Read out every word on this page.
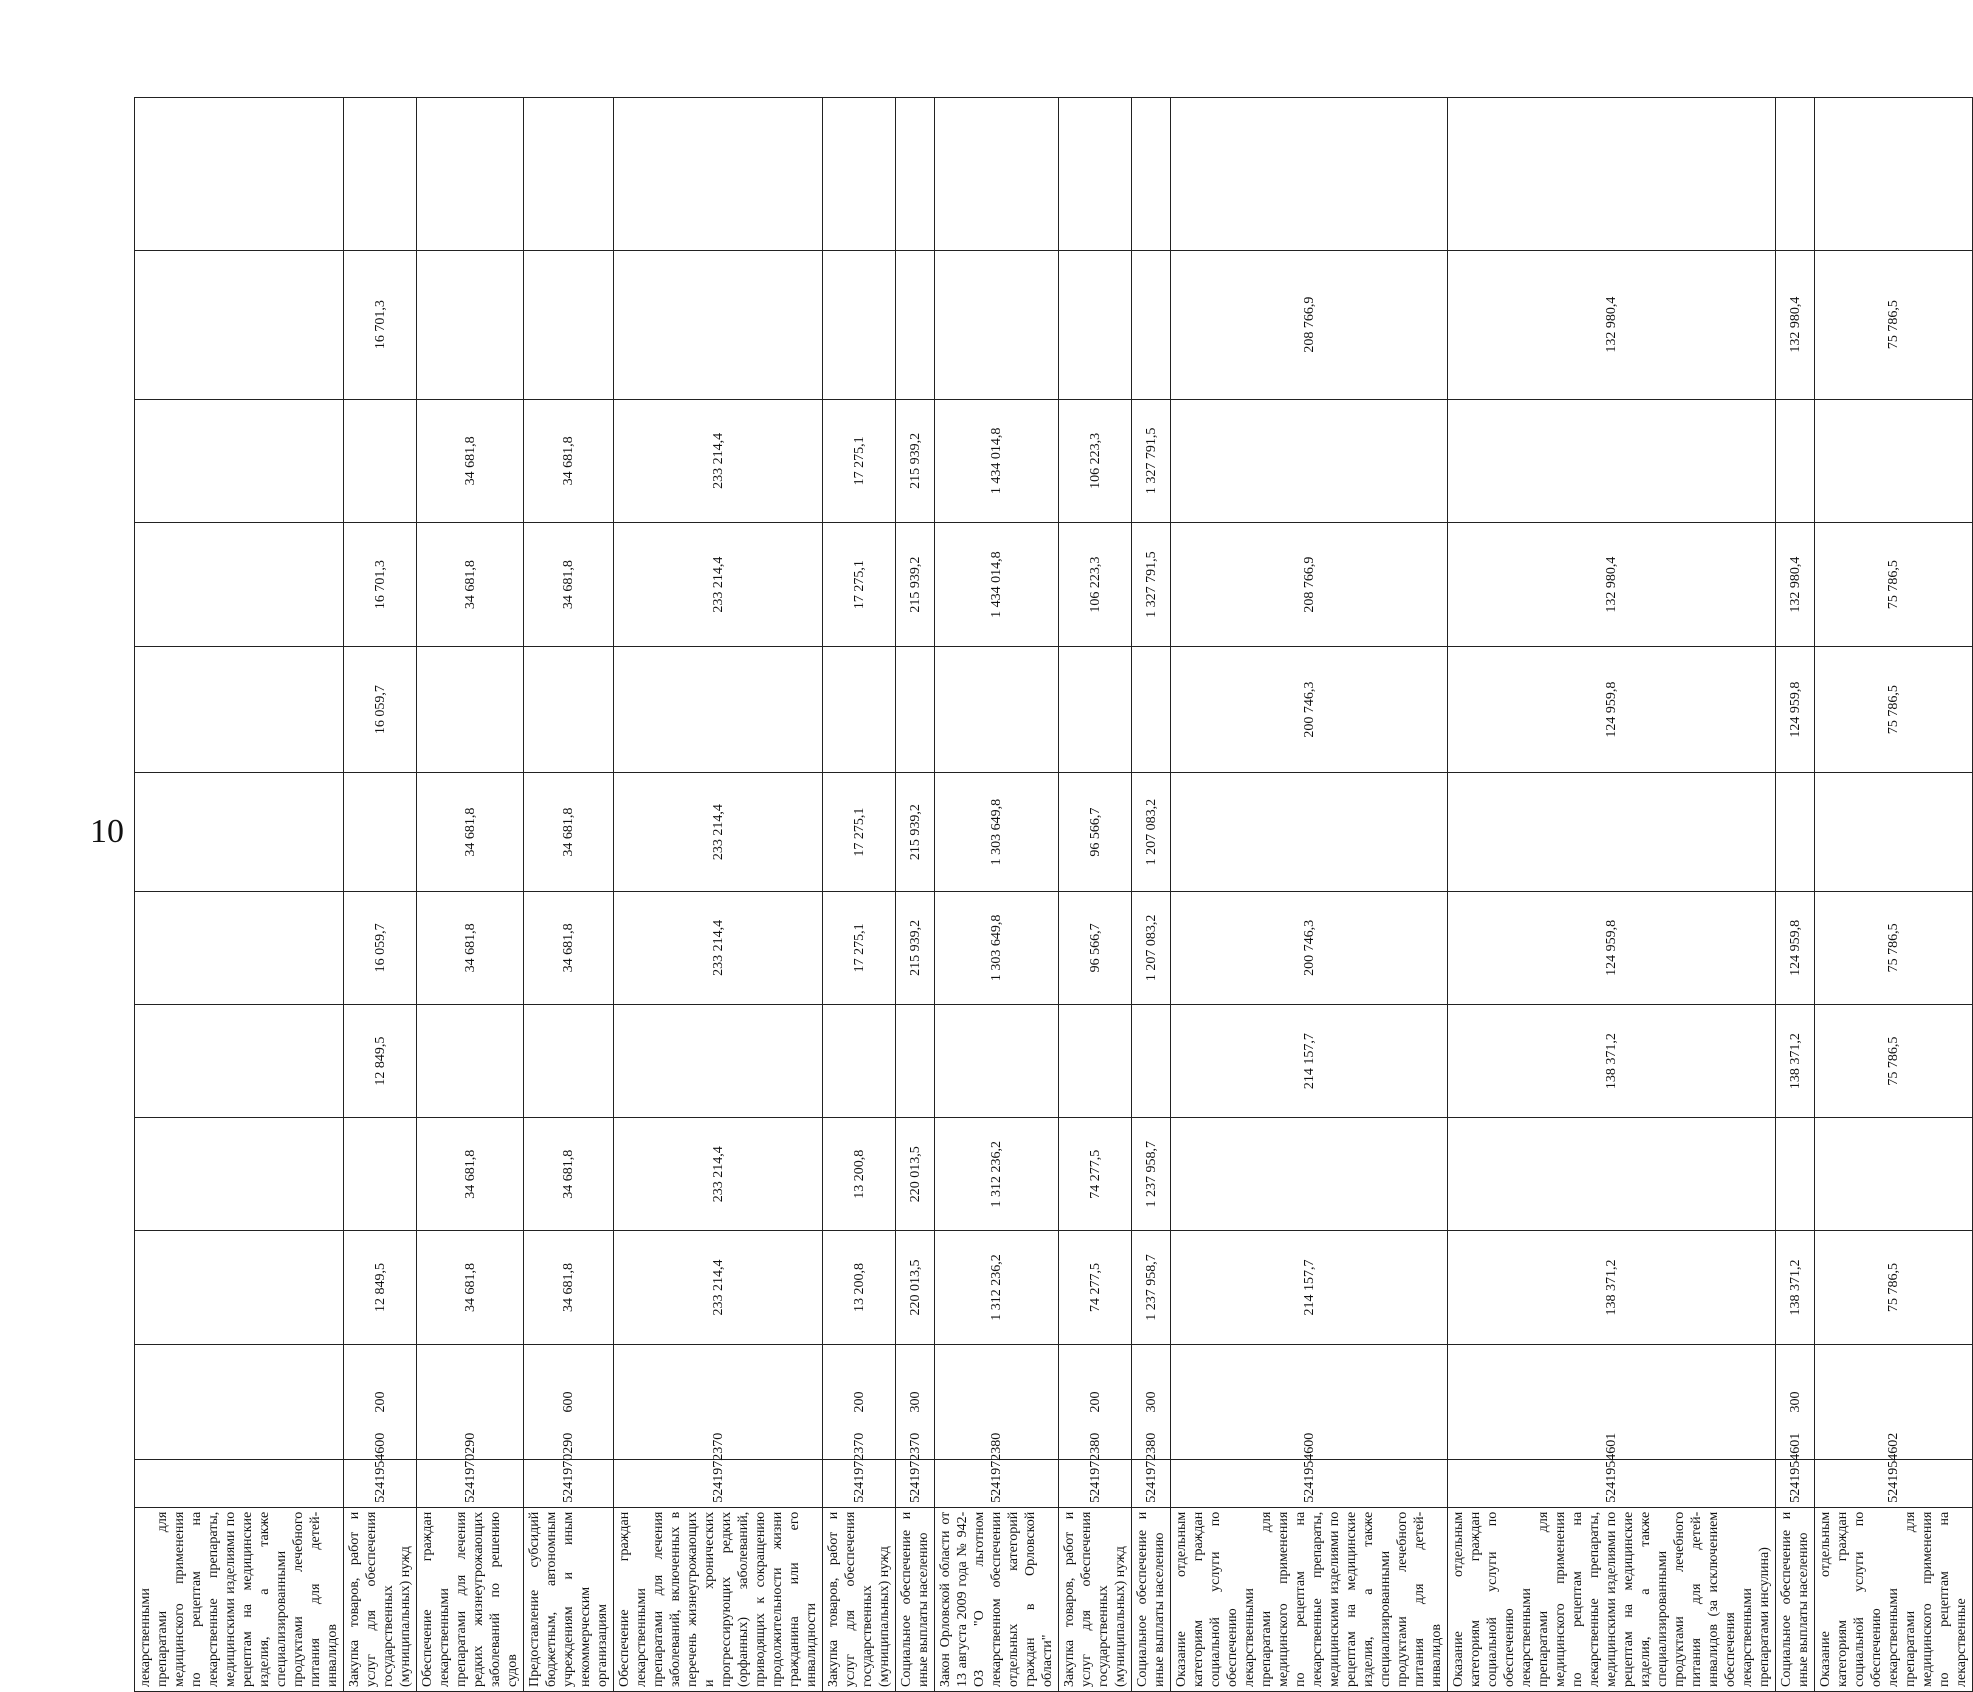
10
лекарственными препаратами для медицинского применения по рецептам на лекарственные препараты, медицинскими изделиями по рецептам на медицинские изделия, а также специализированными продуктами лечебного питания для детей-инвалидов												
Закупка товаров, работ и услуг для обеспечения государственных (муниципальных) нужд	5241954600	200	12 849,5		12 849,5	16 059,7		16 059,7	16 701,3		16 701,3	
Обеспечение граждан лекарственными препаратами для лечения редких жизнеугрожающих заболеваний по решению судов	5241970290		34 681,8	34 681,8		34 681,8	34 681,8		34 681,8	34 681,8		
Предоставление субсидий бюджетным, автономным учреждениям и иным некоммерческим организациям	5241970290	600	34 681,8	34 681,8		34 681,8	34 681,8		34 681,8	34 681,8		
Обеспечение граждан лекарственными препаратами для лечения заболеваний, включенных в перечень жизнеугрожающих и хронических прогрессирующих редких (орфанных) заболеваний, приводящих к сокращению продолжительности жизни гражданина или его инвалидности	5241972370		233 214,4	233 214,4		233 214,4	233 214,4		233 214,4	233 214,4		
Закупка товаров, работ и услуг для обеспечения государственных (муниципальных) нужд	5241972370	200	13 200,8	13 200,8		17 275,1	17 275,1		17 275,1	17 275,1		
Социальное обеспечение и иные выплаты населению	5241972370	300	220 013,5	220 013,5		215 939,2	215 939,2		215 939,2	215 939,2		
Закон Орловской области от 13 августа 2009 года № 942-ОЗ "О льготном лекарственном обеспечении отдельных категорий граждан в Орловской области"	5241972380		1 312 236,2	1 312 236,2		1 303 649,8	1 303 649,8		1 434 014,8	1 434 014,8		
Закупка товаров, работ и услуг для обеспечения государственных (муниципальных) нужд	5241972380	200	74 277,5	74 277,5		96 566,7	96 566,7		106 223,3	106 223,3		
Социальное обеспечение и иные выплаты населению	5241972380	300	1 237 958,7	1 237 958,7		1 207 083,2	1 207 083,2		1 327 791,5	1 327 791,5		
Оказание отдельным категориям граждан социальной услуги по обеспечению лекарственными препаратами для медицинского применения по рецептам на лекарственные препараты, медицинскими изделиями по рецептам на медицинские изделия, а также специализированными продуктами лечебного питания для детей-инвалидов	5241954600		214 157,7		214 157,7	200 746,3		200 746,3	208 766,9		208 766,9	
Оказание отдельным категориям граждан социальной услуги по обеспечению лекарственными препаратами для медицинского применения по рецептам на лекарственные препараты, медицинскими изделиями по рецептам на медицинские изделия, а также специализированными продуктами лечебного питания для детей-инвалидов (за исключением обеспечения лекарственными препаратами инсулина)	5241954601		138 371,2		138 371,2	124 959,8		124 959,8	132 980,4		132 980,4	
Социальное обеспечение и иные выплаты населению	5241954601	300	138 371,2		138 371,2	124 959,8		124 959,8	132 980,4		132 980,4	
Оказание отдельным категориям граждан социальной услуги по обеспечению лекарственными препаратами для медицинского применения по рецептам на лекарственные	5241954602		75 786,5		75 786,5	75 786,5		75 786,5	75 786,5		75 786,5	
